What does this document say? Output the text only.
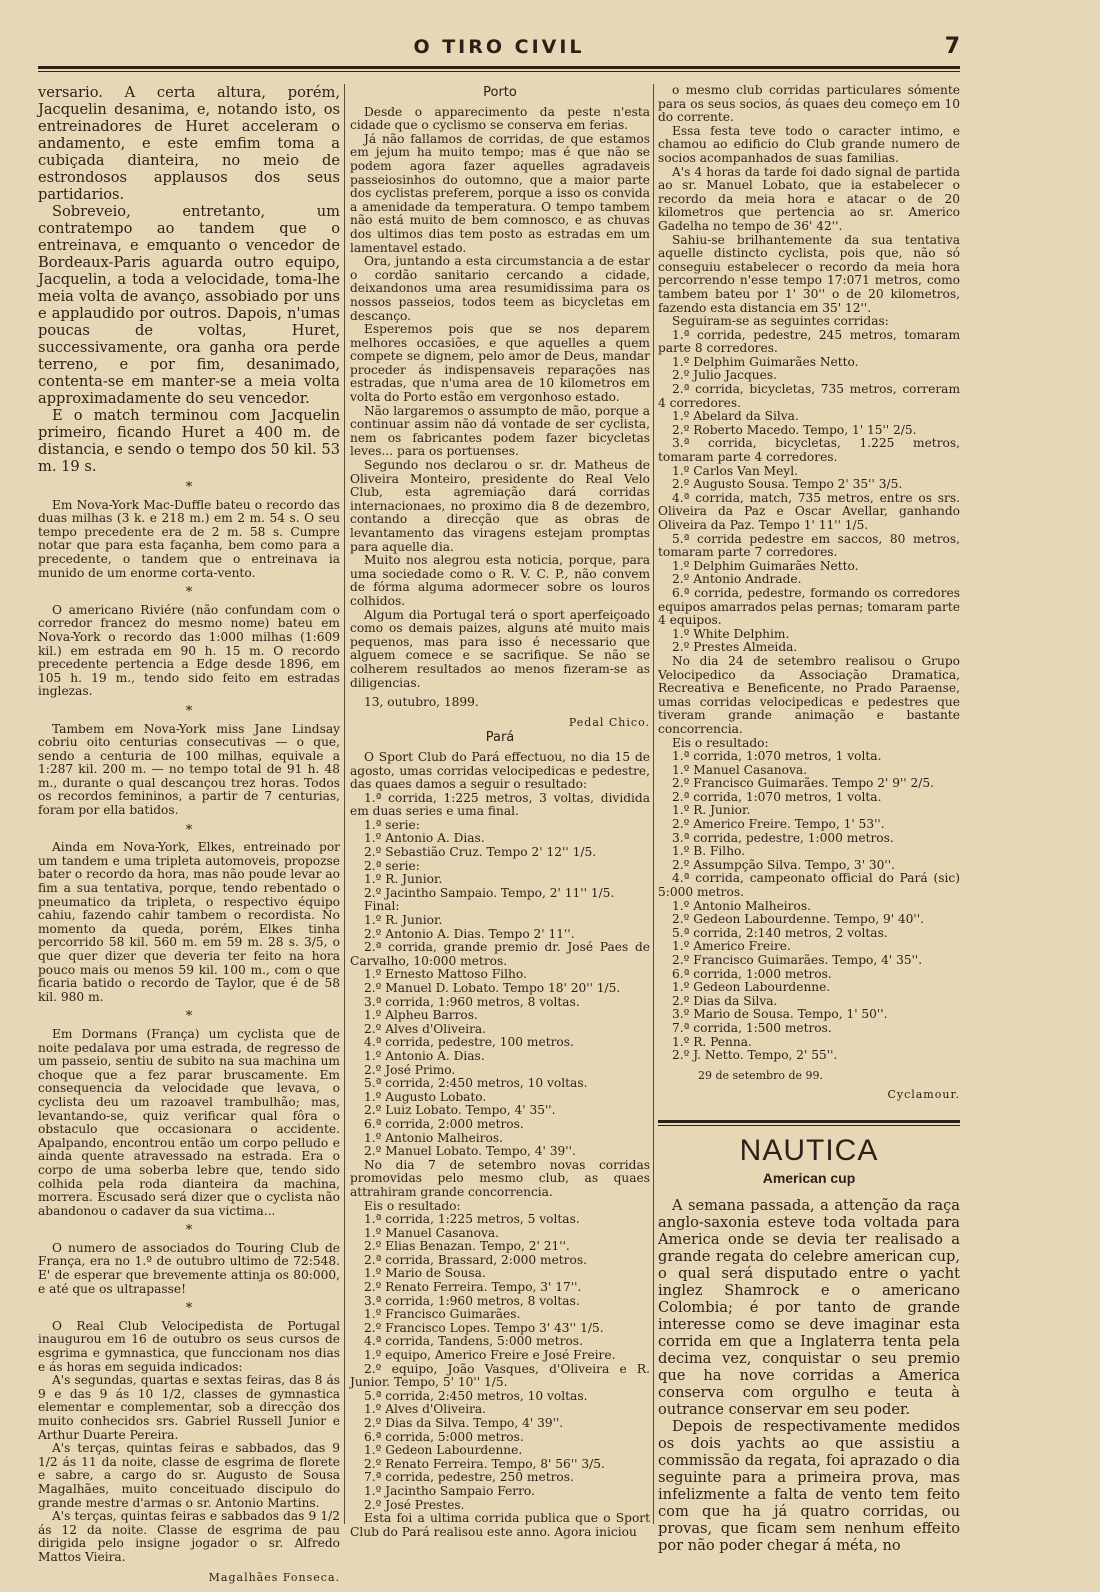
O TIRO CIVIL	7

versario. A certa altura, porém, Jacquelin desanima, e, notando isto, os entreinadores de Huret acceleram o andamento, e este emfim toma a cubiçada dianteira, no meio de estrondosos applausos dos seus partidarios.

Sobreveio, entretanto, um contratempo ao tandem que o entreinava, e emquanto o vencedor de Bordeaux-Paris aguarda outro equipo, Jacquelin, a toda a velocidade, toma-lhe meia volta de avanço, assobiado por uns e applaudido por outros. Dapois, n'umas poucas de voltas, Huret, successivamente, ora ganha ora perde terreno, e por fim, desanimado, contenta-se em manter-se a meia volta approximadamente do seu vencedor.

E o match terminou com Jacquelin primeiro, ficando Huret a 400 m. de distancia, e sendo o tempo dos 50 kil. 53 m. 19 s.

*

Em Nova-York Mac-Duffle bateu o recordo das duas milhas (3 k. e 218 m.) em 2 m. 54 s. O seu tempo precedente era de 2 m. 58 s. Cumpre notar que para esta façanha, bem como para a precedente, o tandem que o entreinava ia munido de um enorme corta-vento.

*

O americano Riviére (não confundam com o corredor francez do mesmo nome) bateu em Nova-York o recordo das 1:000 milhas (1:609 kil.) em estrada em 90 h. 15 m. O recordo precedente pertencia a Edge desde 1896, em 105 h. 19 m., tendo sido feito em estradas inglezas.

*

Tambem em Nova-York miss Jane Lindsay cobriu oito centurias consecutivas — o que, sendo a centuria de 100 milhas, equivale a 1:287 kil. 200 m. — no tempo total de 91 h. 48 m., durante o qual descançou trez horas. Todos os recordos femininos, a partir de 7 centurias, foram por ella batidos.

*

Ainda em Nova-York, Elkes, entreinado por um tandem e uma tripleta automoveis, propozse bater o recordo da hora, mas não poude levar ao fim a sua tentativa, porque, tendo rebentado o pneumatico da tripleta, o respectivo équipo cahiu, fazendo cahir tambem o recordista. No momento da queda, porém, Elkes tinha percorrido 58 kil. 560 m. em 59 m. 28 s. 3/5, o que quer dizer que deveria ter feito na hora pouco mais ou menos 59 kil. 100 m., com o que ficaria batido o recordo de Taylor, que é de 58 kil. 980 m.

*

Em Dormans (França) um cyclista que de noite pedalava por uma estrada, de regresso de um passeio, sentiu de subito na sua machina um choque que a fez parar bruscamente. Em consequencia da velocidade que levava, o cyclista deu um razoavel trambulhão; mas, levantando-se, quiz verificar qual fôra o obstaculo que occasionara o accidente. Apalpando, encontrou então um corpo pelludo e ainda quente atravessado na estrada. Era o corpo de uma soberba lebre que, tendo sido colhida pela roda dianteira da machina, morrera. Escusado será dizer que o cyclista não abandonou o cadaver da sua victima...

*

O numero de associados do Touring Club de França, era no 1.º de outubro ultimo de 72:548. E' de esperar que brevemente attinja os 80:000, e até que os ultrapasse!

*

O Real Club Velocipedista de Portugal inaugurou em 16 de outubro os seus cursos de esgrima e gymnastica, que funccionam nos dias e ás horas em seguida indicados:

A's segundas, quartas e sextas feiras, das 8 ás 9 e das 9 ás 10 1/2, classes de gymnastica elementar e complementar, sob a direcção dos muito conhecidos srs. Gabriel Russell Junior e Arthur Duarte Pereira.

A's terças, quintas feiras e sabbados, das 9 1/2 ás 11 da noite, classe de esgrima de florete e sabre, a cargo do sr. Augusto de Sousa Magalhães, muito conceituado discipulo do grande mestre d'armas o sr. Antonio Martins.

A's terças, quintas feiras e sabbados das 9 1/2 ás 12 da noite. Classe de esgrima de pau dirigida pelo insigne jogador o sr. Alfredo Mattos Vieira.

Magalhães Fonseca.
Porto

Desde o apparecimento da peste n'esta cidade que o cyclismo se conserva em ferias.

Já não fallamos de corridas, de que estamos em jejum ha muito tempo; mas é que não se podem agora fazer aquelles agradaveis passeiosinhos do outomno, que a maior parte dos cyclistas preferem, porque a isso os convida a amenidade da temperatura. O tempo tambem não está muito de bem comnosco, e as chuvas dos ultimos dias tem posto as estradas em um lamentavel estado.

Ora, juntando a esta circumstancia a de estar o cordão sanitario cercando a cidade, deixandonos uma area resumidissima para os nossos passeios, todos teem as bicycletas em descanço.

Esperemos pois que se nos deparem melhores occasiões, e que aquelles a quem compete se dignem, pelo amor de Deus, mandar proceder ás indispensaveis reparações nas estradas, que n'uma area de 10 kilometros em volta do Porto estão em vergonhoso estado.

Não largaremos o assumpto de mão, porque a continuar assim não dá vontade de ser cyclista, nem os fabricantes podem fazer bicycletas leves... para os portuenses.

Segundo nos declarou o sr. dr. Matheus de Oliveira Monteiro, presidente do Real Velo Club, esta agremiação dará corridas internacionaes, no proximo dia 8 de dezembro, contando a direcção que as obras de levantamento das viragens estejam promptas para aquelle dia.

Muito nos alegrou esta noticia, porque, para uma sociedade como o R. V. C. P., não convem de fórma alguma adormecer sobre os louros colhidos.

Algum dia Portugal terá o sport aperfeiçoado como os demais paizes, alguns até muito mais pequenos, mas para isso é necessario que alguem comece e se sacrifique. Se não se colherem resultados ao menos fizeram-se as diligencias.

13, outubro, 1899.

Pedal Chico.
Pará

O Sport Club do Pará effectuou, no dia 15 de agosto, umas corridas velocipedicas e pedestre, das quaes damos a seguir o resultado:

1.ª corrida, 1:225 metros, 3 voltas, dividida em duas series e uma final.

1.ª serie:

1.º Antonio A. Dias.

2.º Sebastião Cruz. Tempo 2' 12'' 1/5.

2.ª serie:

1.º R. Junior.

2.º Jacintho Sampaio. Tempo, 2' 11'' 1/5.

Final:

1.º R. Junior.

2.º Antonio A. Dias. Tempo 2' 11''.

2.ª corrida, grande premio dr. José Paes de Carvalho, 10:000 metros.

1.º Ernesto Mattoso Filho.

2.º Manuel D. Lobato. Tempo 18' 20'' 1/5.

3.ª corrida, 1:960 metros, 8 voltas.

1.º Alpheu Barros.

2.º Alves d'Oliveira.

4.ª corrida, pedestre, 100 metros.

1.º Antonio A. Dias.

2.º José Primo.

5.ª corrida, 2:450 metros, 10 voltas.

1.º Augusto Lobato.

2.º Luiz Lobato. Tempo, 4' 35''.

6.ª corrida, 2:000 metros.

1.º Antonio Malheiros.

2.º Manuel Lobato. Tempo, 4' 39''.

No dia 7 de setembro novas corridas promovidas pelo mesmo club, as quaes attrahiram grande concorrencia.

Eis o resultado:

1.ª corrida, 1:225 metros, 5 voltas.

1.º Manuel Casanova.

2.º Elias Benazan. Tempo, 2' 21''.

2.ª corrida, Brassard, 2:000 metros.

1.º Mario de Sousa.

2.º Renato Ferreira. Tempo, 3' 17''.

3.ª corrida, 1:960 metros, 8 voltas.

1.º Francisco Guimarães.

2.º Francisco Lopes. Tempo 3' 43'' 1/5.

4.ª corrida, Tandens, 5:000 metros.

1.º equipo, Americo Freire e José Freire.

2.º equipo, João Vasques, d'Oliveira e R. Junior. Tempo, 5' 10'' 1/5.

5.ª corrida, 2:450 metros, 10 voltas.

1.º Alves d'Oliveira.

2.º Dias da Silva. Tempo, 4' 39''.

6.ª corrida, 5:000 metros.

1.º Gedeon Labourdenne.

2.º Renato Ferreira. Tempo, 8' 56'' 3/5.

7.ª corrida, pedestre, 250 metros.

1.º Jacintho Sampaio Ferro.

2.º José Prestes.

Esta foi a ultima corrida publica que o Sport Club do Pará realisou este anno. Agora iniciou

o mesmo club corridas particulares sómente para os seus socios, ás quaes deu começo em 10 do corrente.

Essa festa teve todo o caracter intimo, e chamou ao edificio do Club grande numero de socios acompanhados de suas familias.

A's 4 horas da tarde foi dado signal de partida ao sr. Manuel Lobato, que ia estabelecer o recordo da meia hora e atacar o de 20 kilometros que pertencia ao sr. Americo Gadelha no tempo de 36' 42''.

Sahiu-se brilhantemente da sua tentativa aquelle distincto cyclista, pois que, não só conseguiu estabelecer o recordo da meia hora percorrendo n'esse tempo 17:071 metros, como tambem bateu por 1' 30'' o de 20 kilometros, fazendo esta distancia em 35' 12''.

Seguiram-se as seguintes corridas:

1.ª corrida, pedestre, 245 metros, tomaram parte 8 corredores.

1.º Delphim Guimarães Netto.

2.º Julio Jacques.

2.ª corrida, bicycletas, 735 metros, correram 4 corredores.

1.º Abelard da Silva.

2.º Roberto Macedo. Tempo, 1' 15'' 2/5.

3.ª corrida, bicycletas, 1.225 metros, tomaram parte 4 corredores.

1.º Carlos Van Meyl.

2.º Augusto Sousa. Tempo 2' 35'' 3/5.

4.ª corrida, match, 735 metros, entre os srs. Oliveira da Paz e Oscar Avellar, ganhando Oliveira da Paz. Tempo 1' 11'' 1/5.

5.ª corrida pedestre em saccos, 80 metros, tomaram parte 7 corredores.

1.º Delphim Guimarães Netto.

2.º Antonio Andrade.

6.ª corrida, pedestre, formando os corredores equipos amarrados pelas pernas; tomaram parte 4 equipos.

1.º White Delphim.

2.º Prestes Almeida.

No dia 24 de setembro realisou o Grupo Velocipedico da Associação Dramatica, Recreativa e Beneficente, no Prado Paraense, umas corridas velocipedicas e pedestres que tiveram grande animação e bastante concorrencia.

Eis o resultado:

1.ª corrida, 1:070 metros, 1 volta.

1.º Manuel Casanova.

2.º Francisco Guimarães. Tempo 2' 9'' 2/5.

2.ª corrida, 1:070 metros, 1 volta.

1.º R. Junior.

2.º Americo Freire. Tempo, 1' 53''.

3.ª corrida, pedestre, 1:000 metros.

1.º B. Filho.

2.º Assumpção Silva. Tempo, 3' 30''.

4.ª corrida, campeonato official do Pará (sic) 5:000 metros.

1.º Antonio Malheiros.

2.º Gedeon Labourdenne. Tempo, 9' 40''.

5.ª corrida, 2:140 metros, 2 voltas.

1.º Americo Freire.

2.º Francisco Guimarães. Tempo, 4' 35''.

6.ª corrida, 1:000 metros.

1.º Gedeon Labourdenne.

2.º Dias da Silva.

3.º Mario de Sousa. Tempo, 1' 50''.

7.ª corrida, 1:500 metros.

1.º R. Penna.

2.º J. Netto. Tempo, 2' 55''.

29 de setembro de 99.

Cyclamour.
NAUTICA
American cup

A semana passada, a attenção da raça anglo-saxonia esteve toda voltada para America onde se devia ter realisado a grande regata do celebre american cup, o qual será disputado entre o yacht inglez Shamrock e o americano Colombia; é por tanto de grande interesse como se deve imaginar esta corrida em que a Inglaterra tenta pela decima vez, conquistar o seu premio que ha nove corridas a America conserva com orgulho e teuta à outrance conservar em seu poder.

Depois de respectivamente medidos os dois yachts ao que assistiu a commissão da regata, foi aprazado o dia seguinte para a primeira prova, mas infelizmente a falta de vento tem feito com que ha já quatro corridas, ou provas, que ficam sem nenhum effeito por não poder chegar á méta, no
